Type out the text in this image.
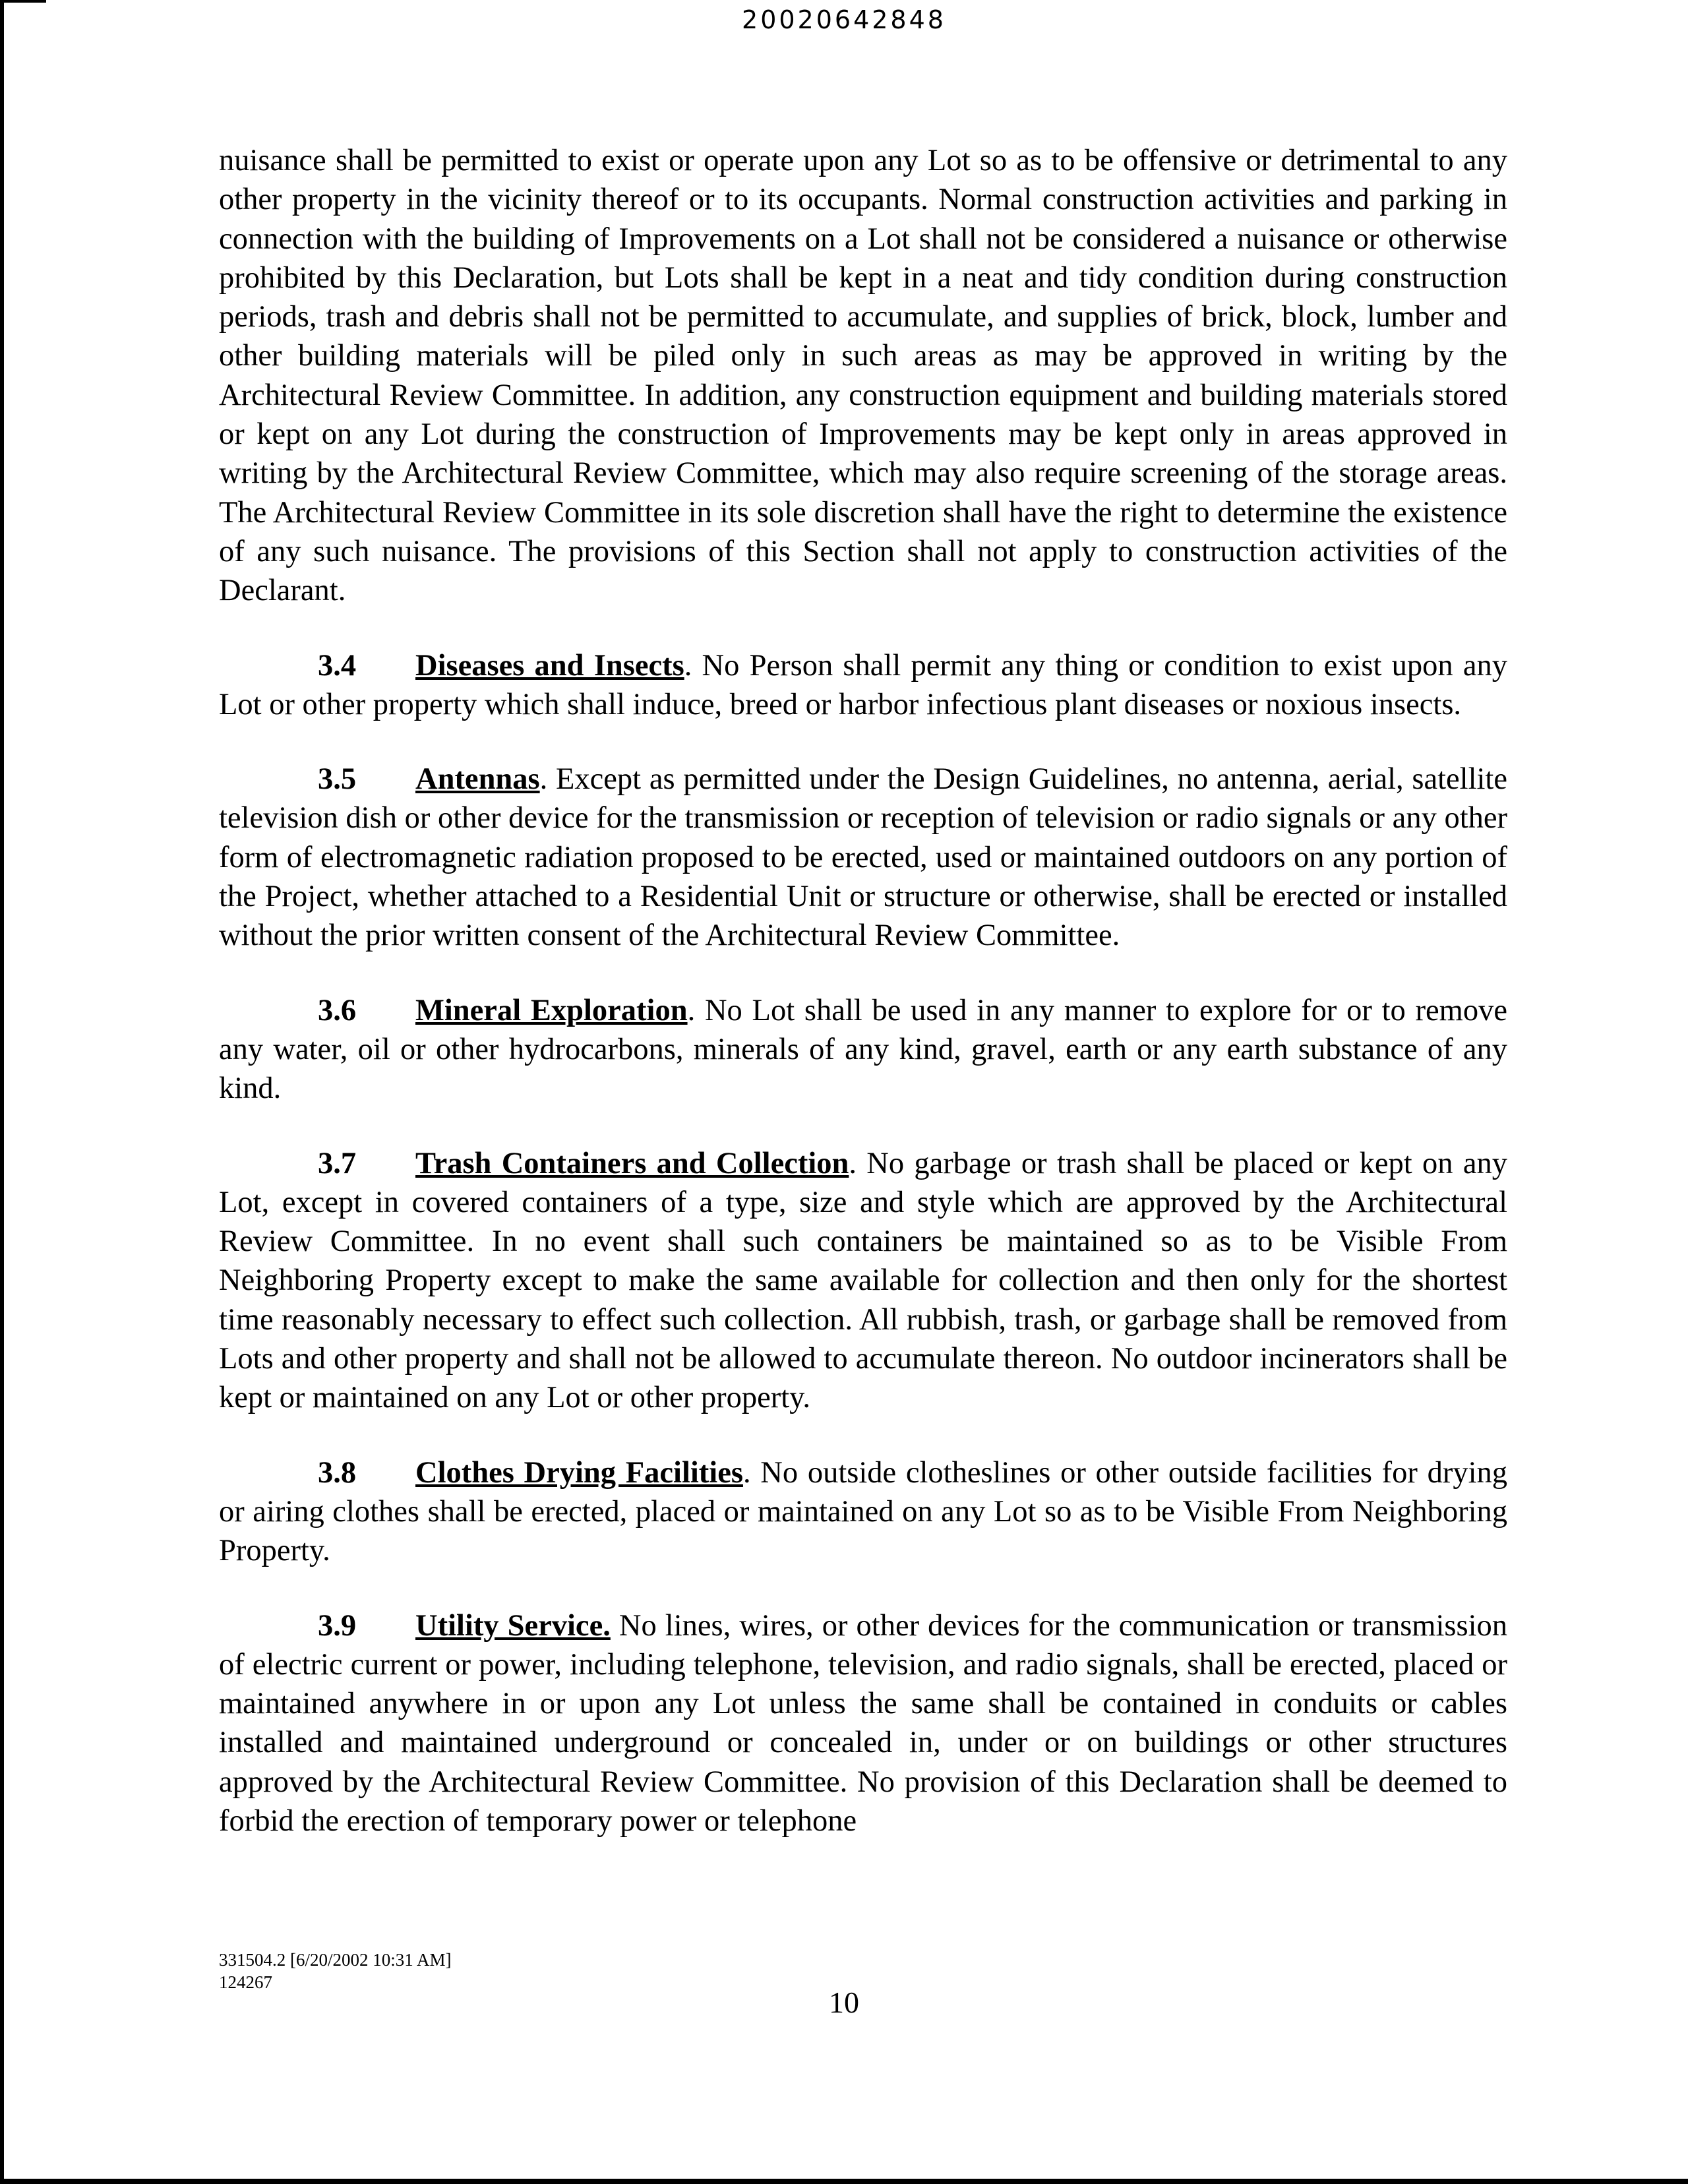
20020642848

nuisance shall be permitted to exist or operate upon any Lot so as to be offensive or detrimental to any other property in the vicinity thereof or to its occupants. Normal construction activities and parking in connection with the building of Improvements on a Lot shall not be considered a nuisance or otherwise prohibited by this Declaration, but Lots shall be kept in a neat and tidy condition during construction periods, trash and debris shall not be permitted to accumulate, and supplies of brick, block, lumber and other building materials will be piled only in such areas as may be approved in writing by the Architectural Review Committee. In addition, any construction equipment and building materials stored or kept on any Lot during the construction of Improvements may be kept only in areas approved in writing by the Architectural Review Committee, which may also require screening of the storage areas. The Architectural Review Committee in its sole discretion shall have the right to determine the existence of any such nuisance. The provisions of this Section shall not apply to construction activities of the Declarant.

3.4 Diseases and Insects. No Person shall permit any thing or condition to exist upon any Lot or other property which shall induce, breed or harbor infectious plant diseases or noxious insects.

3.5 Antennas. Except as permitted under the Design Guidelines, no antenna, aerial, satellite television dish or other device for the transmission or reception of television or radio signals or any other form of electromagnetic radiation proposed to be erected, used or maintained outdoors on any portion of the Project, whether attached to a Residential Unit or structure or otherwise, shall be erected or installed without the prior written consent of the Architectural Review Committee.

3.6 Mineral Exploration. No Lot shall be used in any manner to explore for or to remove any water, oil or other hydrocarbons, minerals of any kind, gravel, earth or any earth substance of any kind.

3.7 Trash Containers and Collection. No garbage or trash shall be placed or kept on any Lot, except in covered containers of a type, size and style which are approved by the Architectural Review Committee. In no event shall such containers be maintained so as to be Visible From Neighboring Property except to make the same available for collection and then only for the shortest time reasonably necessary to effect such collection. All rubbish, trash, or garbage shall be removed from Lots and other property and shall not be allowed to accumulate thereon. No outdoor incinerators shall be kept or maintained on any Lot or other property.

3.8 Clothes Drying Facilities. No outside clotheslines or other outside facilities for drying or airing clothes shall be erected, placed or maintained on any Lot so as to be Visible From Neighboring Property.

3.9 Utility Service. No lines, wires, or other devices for the communication or transmission of electric current or power, including telephone, television, and radio signals, shall be erected, placed or maintained anywhere in or upon any Lot unless the same shall be contained in conduits or cables installed and maintained underground or concealed in, under or on buildings or other structures approved by the Architectural Review Committee. No provision of this Declaration shall be deemed to forbid the erection of temporary power or telephone

331504.2 [6/20/2002 10:31 AM]
124267
10
